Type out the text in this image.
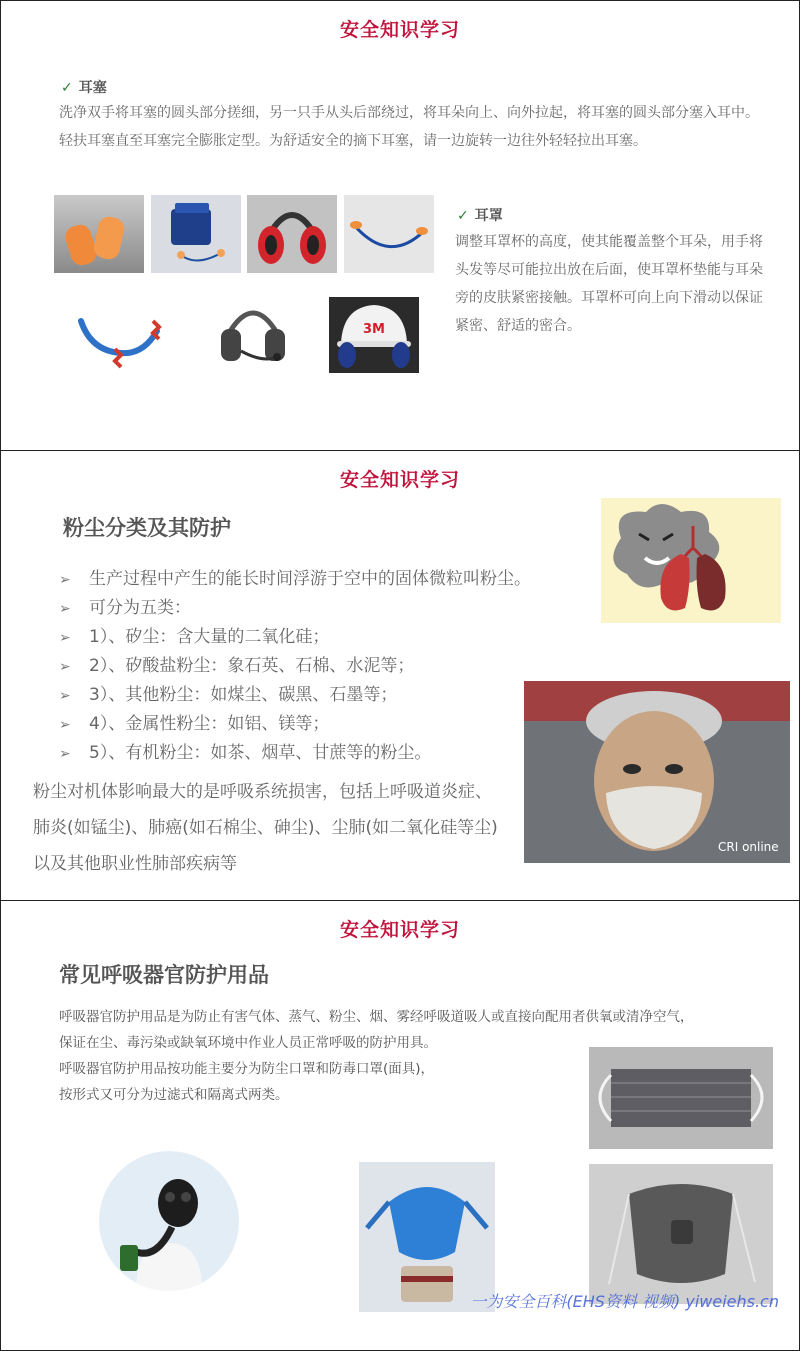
安全知识学习
✓ 耳塞
洗净双手将耳塞的圆头部分搓细，另一只手从头后部绕过，将耳朵向上、向外拉起，将耳塞的圆头部分塞入耳中。轻扶耳塞直至耳塞完全膨胀定型。为舒适安全的摘下耳塞，请一边旋转一边往外轻轻拉出耳塞。
3M
✓ 耳罩
调整耳罩杯的高度，使其能覆盖整个耳朵，用手将头发等尽可能拉出放在后面，使耳罩杯垫能与耳朵旁的皮肤紧密接触。耳罩杯可向上向下滑动以保证紧密、舒适的密合。
安全知识学习
粉尘分类及其防护
➢ 生产过程中产生的能长时间浮游于空中的固体微粒叫粉尘。
➢ 可分为五类：
➢ 1）、矽尘：含大量的二氧化硅；
➢ 2）、矽酸盐粉尘：象石英、石棉、水泥等；
➢ 3）、其他粉尘：如煤尘、碳黑、石墨等；
➢ 4）、金属性粉尘：如铝、镁等；
➢ 5）、有机粉尘：如茶、烟草、甘蔗等的粉尘。
粉尘对机体影响最大的是呼吸系统损害，包括上呼吸道炎症、肺炎(如锰尘)、肺癌(如石棉尘、砷尘)、尘肺(如二氧化硅等尘)以及其他职业性肺部疾病等
CRI online
安全知识学习
常见呼吸器官防护用品
呼吸器官防护用品是为防止有害气体、蒸气、粉尘、烟、雾经呼吸道吸人或直接向配用者供氧或清净空气，
保证在尘、毒污染或缺氧环境中作业人员正常呼吸的防护用具。
呼吸器官防护用品按功能主要分为防尘口罩和防毒口罩(面具)，
按形式又可分为过滤式和隔离式两类。
一为安全百科(EHS资料 视频) yiweiehs.cn
